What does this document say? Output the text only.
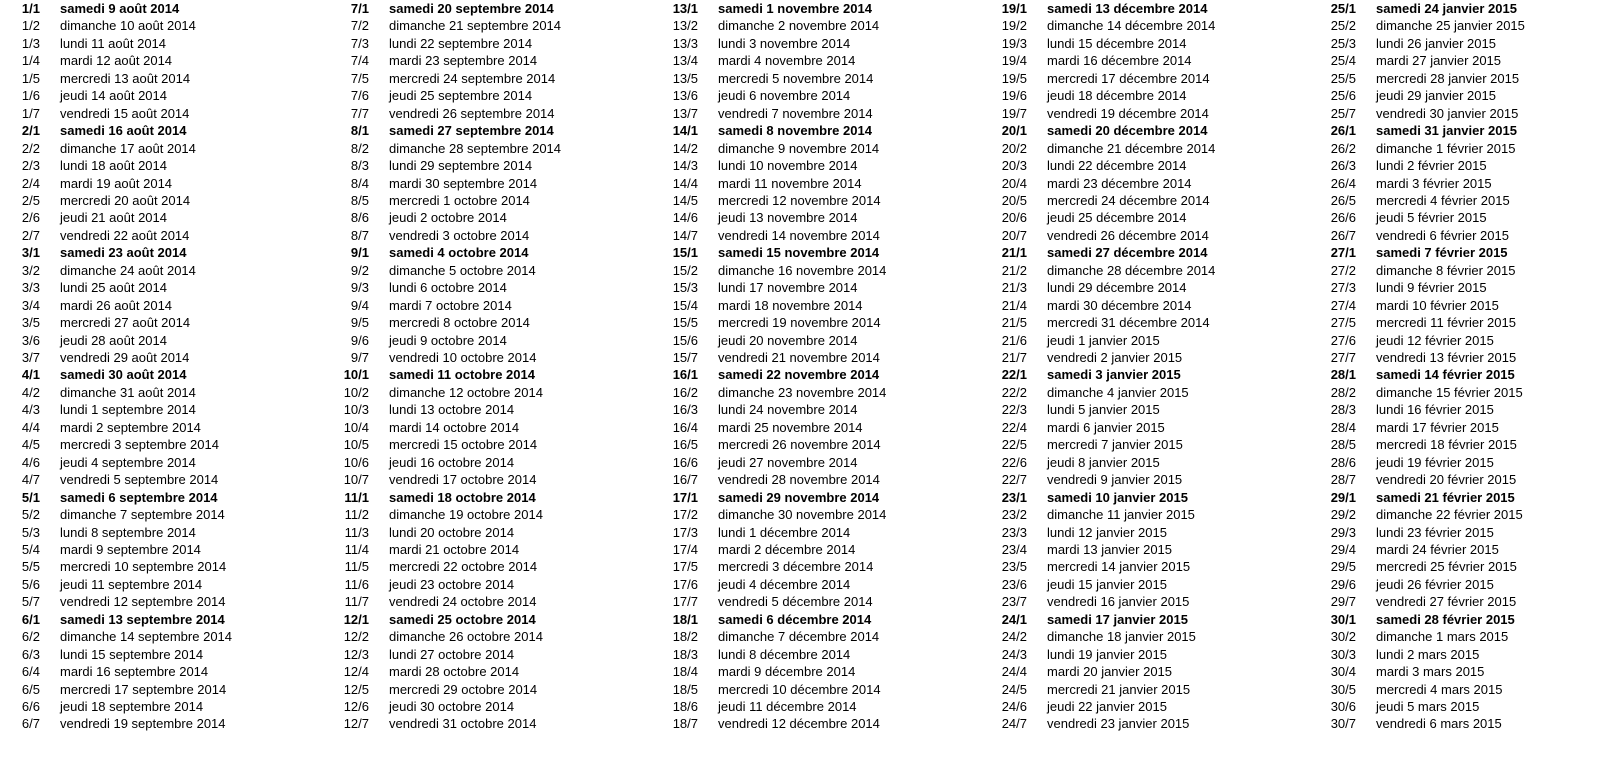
1/1 samedi 9 août 2014
1/2 dimanche 10 août 2014
1/3 lundi 11 août 2014
1/4 mardi 12 août 2014
1/5 mercredi 13 août 2014
1/6 jeudi 14 août 2014
1/7 vendredi 15 août 2014
2/1 samedi 16 août 2014
2/2 dimanche 17 août 2014
2/3 lundi 18 août 2014
2/4 mardi 19 août 2014
2/5 mercredi 20 août 2014
2/6 jeudi 21 août 2014
2/7 vendredi 22 août 2014
3/1 samedi 23 août 2014
3/2 dimanche 24 août 2014
3/3 lundi 25 août 2014
3/4 mardi 26 août 2014
3/5 mercredi 27 août 2014
3/6 jeudi 28 août 2014
3/7 vendredi 29 août 2014
4/1 samedi 30 août 2014
4/2 dimanche 31 août 2014
4/3 lundi 1 septembre 2014
4/4 mardi 2 septembre 2014
4/5 mercredi 3 septembre 2014
4/6 jeudi 4 septembre 2014
4/7 vendredi 5 septembre 2014
5/1 samedi 6 septembre 2014
5/2 dimanche 7 septembre 2014
5/3 lundi 8 septembre 2014
5/4 mardi 9 septembre 2014
5/5 mercredi 10 septembre 2014
5/6 jeudi 11 septembre 2014
5/7 vendredi 12 septembre 2014
6/1 samedi 13 septembre 2014
6/2 dimanche 14 septembre 2014
6/3 lundi 15 septembre 2014
6/4 mardi 16 septembre 2014
6/5 mercredi 17 septembre 2014
6/6 jeudi 18 septembre 2014
6/7 vendredi 19 septembre 2014
7/1 samedi 20 septembre 2014
7/2 dimanche 21 septembre 2014
7/3 lundi 22 septembre 2014
7/4 mardi 23 septembre 2014
7/5 mercredi 24 septembre 2014
7/6 jeudi 25 septembre 2014
7/7 vendredi 26 septembre 2014
8/1 samedi 27 septembre 2014
8/2 dimanche 28 septembre 2014
8/3 lundi 29 septembre 2014
8/4 mardi 30 septembre 2014
8/5 mercredi 1 octobre 2014
8/6 jeudi 2 octobre 2014
8/7 vendredi 3 octobre 2014
9/1 samedi 4 octobre 2014
9/2 dimanche 5 octobre 2014
9/3 lundi 6 octobre 2014
9/4 mardi 7 octobre 2014
9/5 mercredi 8 octobre 2014
9/6 jeudi 9 octobre 2014
9/7 vendredi 10 octobre 2014
10/1 samedi 11 octobre 2014
10/2 dimanche 12 octobre 2014
10/3 lundi 13 octobre 2014
10/4 mardi 14 octobre 2014
10/5 mercredi 15 octobre 2014
10/6 jeudi 16 octobre 2014
10/7 vendredi 17 octobre 2014
11/1 samedi 18 octobre 2014
11/2 dimanche 19 octobre 2014
11/3 lundi 20 octobre 2014
11/4 mardi 21 octobre 2014
11/5 mercredi 22 octobre 2014
11/6 jeudi 23 octobre 2014
11/7 vendredi 24 octobre 2014
12/1 samedi 25 octobre 2014
12/2 dimanche 26 octobre 2014
12/3 lundi 27 octobre 2014
12/4 mardi 28 octobre 2014
12/5 mercredi 29 octobre 2014
12/6 jeudi 30 octobre 2014
12/7 vendredi 31 octobre 2014
13/1 samedi 1 novembre 2014
13/2 dimanche 2 novembre 2014
13/3 lundi 3 novembre 2014
13/4 mardi 4 novembre 2014
13/5 mercredi 5 novembre 2014
13/6 jeudi 6 novembre 2014
13/7 vendredi 7 novembre 2014
14/1 samedi 8 novembre 2014
14/2 dimanche 9 novembre 2014
14/3 lundi 10 novembre 2014
14/4 mardi 11 novembre 2014
14/5 mercredi 12 novembre 2014
14/6 jeudi 13 novembre 2014
14/7 vendredi 14 novembre 2014
15/1 samedi 15 novembre 2014
15/2 dimanche 16 novembre 2014
15/3 lundi 17 novembre 2014
15/4 mardi 18 novembre 2014
15/5 mercredi 19 novembre 2014
15/6 jeudi 20 novembre 2014
15/7 vendredi 21 novembre 2014
16/1 samedi 22 novembre 2014
16/2 dimanche 23 novembre 2014
16/3 lundi 24 novembre 2014
16/4 mardi 25 novembre 2014
16/5 mercredi 26 novembre 2014
16/6 jeudi 27 novembre 2014
16/7 vendredi 28 novembre 2014
17/1 samedi 29 novembre 2014
17/2 dimanche 30 novembre 2014
17/3 lundi 1 décembre 2014
17/4 mardi 2 décembre 2014
17/5 mercredi 3 décembre 2014
17/6 jeudi 4 décembre 2014
17/7 vendredi 5 décembre 2014
18/1 samedi 6 décembre 2014
18/2 dimanche 7 décembre 2014
18/3 lundi 8 décembre 2014
18/4 mardi 9 décembre 2014
18/5 mercredi 10 décembre 2014
18/6 jeudi 11 décembre 2014
18/7 vendredi 12 décembre 2014
19/1 samedi 13 décembre 2014
19/2 dimanche 14 décembre 2014
19/3 lundi 15 décembre 2014
19/4 mardi 16 décembre 2014
19/5 mercredi 17 décembre 2014
19/6 jeudi 18 décembre 2014
19/7 vendredi 19 décembre 2014
20/1 samedi 20 décembre 2014
20/2 dimanche 21 décembre 2014
20/3 lundi 22 décembre 2014
20/4 mardi 23 décembre 2014
20/5 mercredi 24 décembre 2014
20/6 jeudi 25 décembre 2014
20/7 vendredi 26 décembre 2014
21/1 samedi 27 décembre 2014
21/2 dimanche 28 décembre 2014
21/3 lundi 29 décembre 2014
21/4 mardi 30 décembre 2014
21/5 mercredi 31 décembre 2014
21/6 jeudi 1 janvier 2015
21/7 vendredi 2 janvier 2015
22/1 samedi 3 janvier 2015
22/2 dimanche 4 janvier 2015
22/3 lundi 5 janvier 2015
22/4 mardi 6 janvier 2015
22/5 mercredi 7 janvier 2015
22/6 jeudi 8 janvier 2015
22/7 vendredi 9 janvier 2015
23/1 samedi 10 janvier 2015
23/2 dimanche 11 janvier 2015
23/3 lundi 12 janvier 2015
23/4 mardi 13 janvier 2015
23/5 mercredi 14 janvier 2015
23/6 jeudi 15 janvier 2015
23/7 vendredi 16 janvier 2015
24/1 samedi 17 janvier 2015
24/2 dimanche 18 janvier 2015
24/3 lundi 19 janvier 2015
24/4 mardi 20 janvier 2015
24/5 mercredi 21 janvier 2015
24/6 jeudi 22 janvier 2015
24/7 vendredi 23 janvier 2015
25/1 samedi 24 janvier 2015
25/2 dimanche 25 janvier 2015
25/3 lundi 26 janvier 2015
25/4 mardi 27 janvier 2015
25/5 mercredi 28 janvier 2015
25/6 jeudi 29 janvier 2015
25/7 vendredi 30 janvier 2015
26/1 samedi 31 janvier 2015
26/2 dimanche 1 février 2015
26/3 lundi 2 février 2015
26/4 mardi 3 février 2015
26/5 mercredi 4 février 2015
26/6 jeudi 5 février 2015
26/7 vendredi 6 février 2015
27/1 samedi 7 février 2015
27/2 dimanche 8 février 2015
27/3 lundi 9 février 2015
27/4 mardi 10 février 2015
27/5 mercredi 11 février 2015
27/6 jeudi 12 février 2015
27/7 vendredi 13 février 2015
28/1 samedi 14 février 2015
28/2 dimanche 15 février 2015
28/3 lundi 16 février 2015
28/4 mardi 17 février 2015
28/5 mercredi 18 février 2015
28/6 jeudi 19 février 2015
28/7 vendredi 20 février 2015
29/1 samedi 21 février 2015
29/2 dimanche 22 février 2015
29/3 lundi 23 février 2015
29/4 mardi 24 février 2015
29/5 mercredi 25 février 2015
29/6 jeudi 26 février 2015
29/7 vendredi 27 février 2015
30/1 samedi 28 février 2015
30/2 dimanche 1 mars 2015
30/3 lundi 2 mars 2015
30/4 mardi 3 mars 2015
30/5 mercredi 4 mars 2015
30/6 jeudi 5 mars 2015
30/7 vendredi 6 mars 2015
